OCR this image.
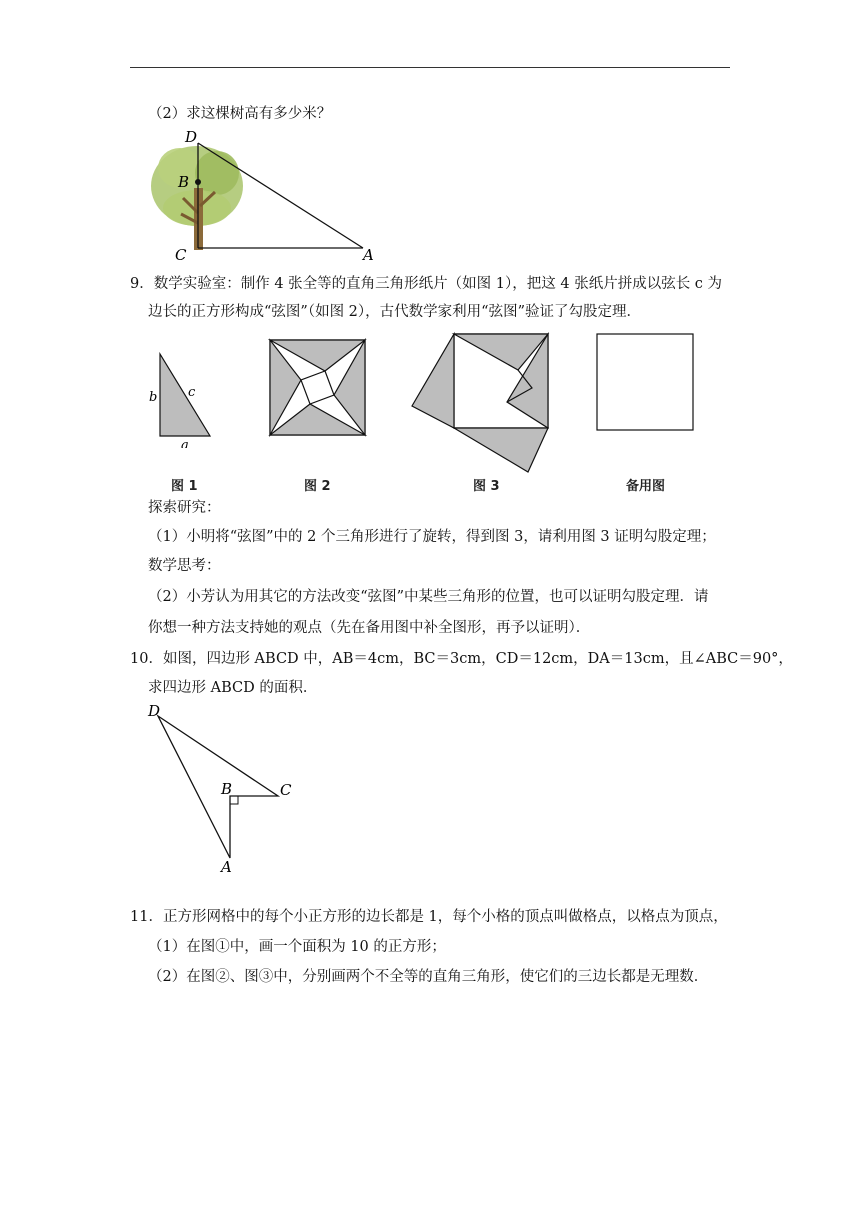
（2）求这棵树高有多少米？
D
B
C	A
9．数学实验室：制作 4 张全等的直角三角形纸片（如图 1），把这 4 张纸片拼成以弦长 c 为
边长的正方形构成“弦图”（如图 2），古代数学家利用“弦图”验证了勾股定理．
b c
a
图 1	图 2	图 3	备用图
探索研究：
（1）小明将“弦图”中的 2 个三角形进行了旋转，得到图 3，请利用图 3 证明勾股定理；
数学思考：
（2）小芳认为用其它的方法改变“弦图”中某些三角形的位置，也可以证明勾股定理．请
你想一种方法支持她的观点（先在备用图中补全图形，再予以证明）．
10．如图，四边形 ABCD 中，AB＝4cm，BC＝3cm，CD＝12cm，DA＝13cm，且∠ABC＝90°，
求四边形 ABCD 的面积．
D
B	C
A
11．正方形网格中的每个小正方形的边长都是 1，每个小格的顶点叫做格点，以格点为顶点，
（1）在图①中，画一个面积为 10 的正方形；
（2）在图②、图③中，分别画两个不全等的直角三角形，使它们的三边长都是无理数．
